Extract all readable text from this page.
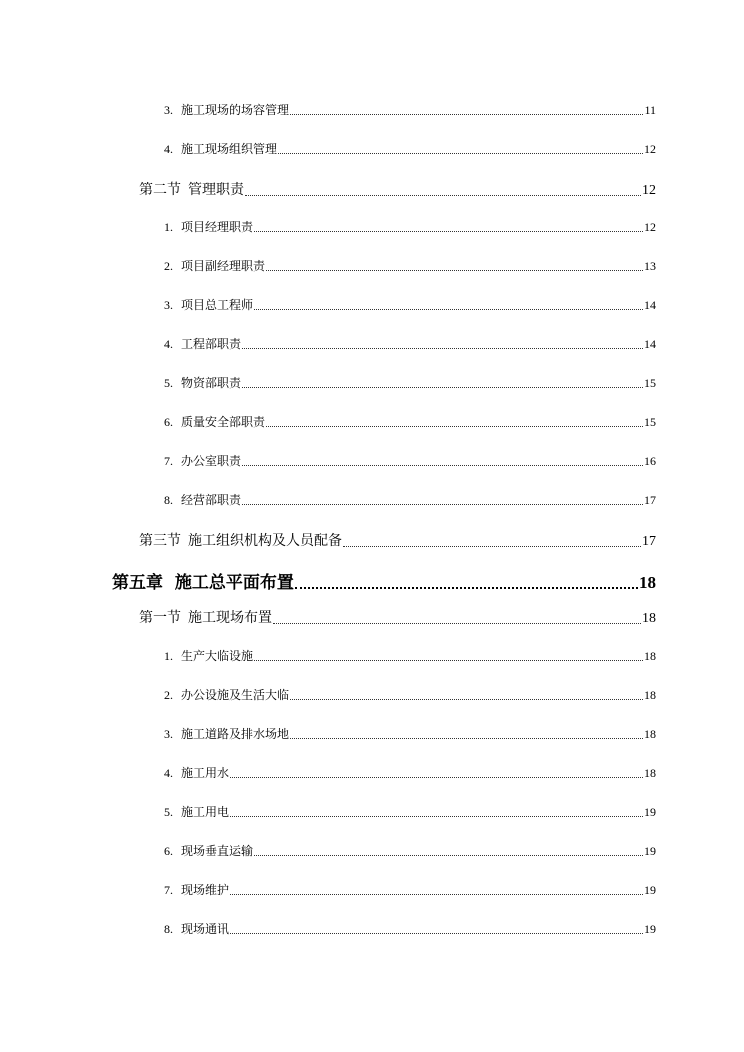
3. 施工现场的场容管理	11
4. 施工现场组织管理	12
第二节  管理职责	12
1. 项目经理职责	12
2. 项目副经理职责	13
3. 项目总工程师	14
4. 工程部职责	14
5. 物资部职责	15
6. 质量安全部职责	15
7. 办公室职责	16
8. 经营部职责	17
第三节  施工组织机构及人员配备	17
第五章  施工总平面布置	18
第一节  施工现场布置	18
1. 生产大临设施	18
2. 办公设施及生活大临	18
3. 施工道路及排水场地	18
4. 施工用水	18
5. 施工用电	19
6. 现场垂直运输	19
7. 现场维护	19
8. 现场通讯	19
